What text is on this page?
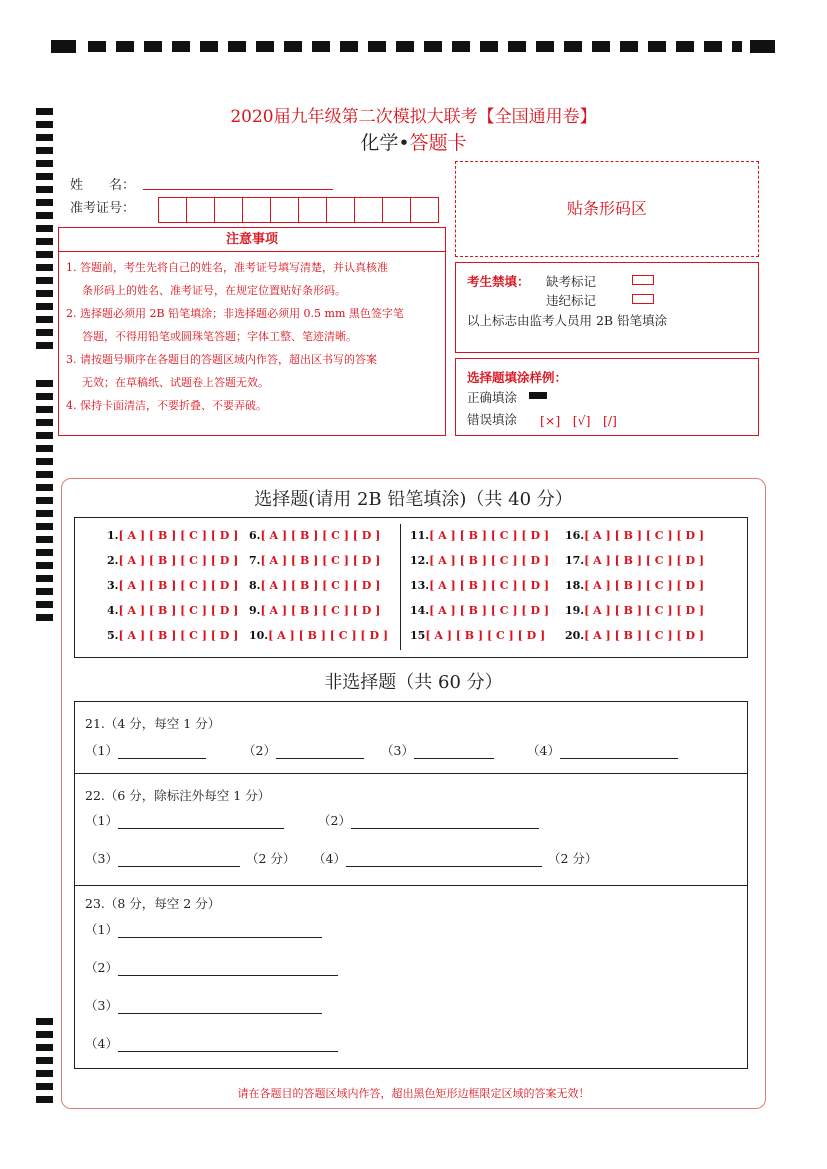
2020届九年级第二次模拟大联考【全国通用卷】
化学•答题卡
姓　　名：
准考证号：	贴条形码区
注意事项
1. 答题前，考生先将自己的姓名，准考证号填写清楚，并认真核准
条形码上的姓名、准考证号，在规定位置贴好条形码。
2. 选择题必须用 2B 铅笔填涂；非选择题必须用 0.5 mm 黑色签字笔
答题，不得用铅笔或圆珠笔答题；字体工整、笔迹清晰。
3. 请按题号顺序在各题目的答题区域内作答，超出区书写的答案
无效；在草稿纸、试题卷上答题无效。
4. 保持卡面清洁，不要折叠、不要弄破。
考生禁填： 缺考标记
违纪标记
以上标志由监考人员用 2B 铅笔填涂
选择题填涂样例：
正确填涂
错误填涂 [×]　[√]　[/]
选择题(请用 2B 铅笔填涂)（共 40 分）
1.[ A ] [ B ] [ C ] [ D ]
2.[ A ] [ B ] [ C ] [ D ]
3.[ A ] [ B ] [ C ] [ D ]
4.[ A ] [ B ] [ C ] [ D ]
5.[ A ] [ B ] [ C ] [ D ]
6.[ A ] [ B ] [ C ] [ D ]
7.[ A ] [ B ] [ C ] [ D ]
8.[ A ] [ B ] [ C ] [ D ]
9.[ A ] [ B ] [ C ] [ D ]
10.[ A ] [ B ] [ C ] [ D ]
11.[ A ] [ B ] [ C ] [ D ]
12.[ A ] [ B ] [ C ] [ D ]
13.[ A ] [ B ] [ C ] [ D ]
14.[ A ] [ B ] [ C ] [ D ]
15[ A ] [ B ] [ C ] [ D ]
16.[ A ] [ B ] [ C ] [ D ]
17.[ A ] [ B ] [ C ] [ D ]
18.[ A ] [ B ] [ C ] [ D ]
19.[ A ] [ B ] [ C ] [ D ]
20.[ A ] [ B ] [ C ] [ D ]
非选择题（共 60 分）
21.（4 分，每空 1 分）
（1）	（2）	（3）	（4）
22.（6 分，除标注外每空 1 分）
（1）	（2）
（3）	（2 分） （4）	（2 分）
23.（8 分，每空 2 分）
（1）
（2）
（3）
（4）
请在各题目的答题区域内作答，超出黑色矩形边框限定区域的答案无效！
